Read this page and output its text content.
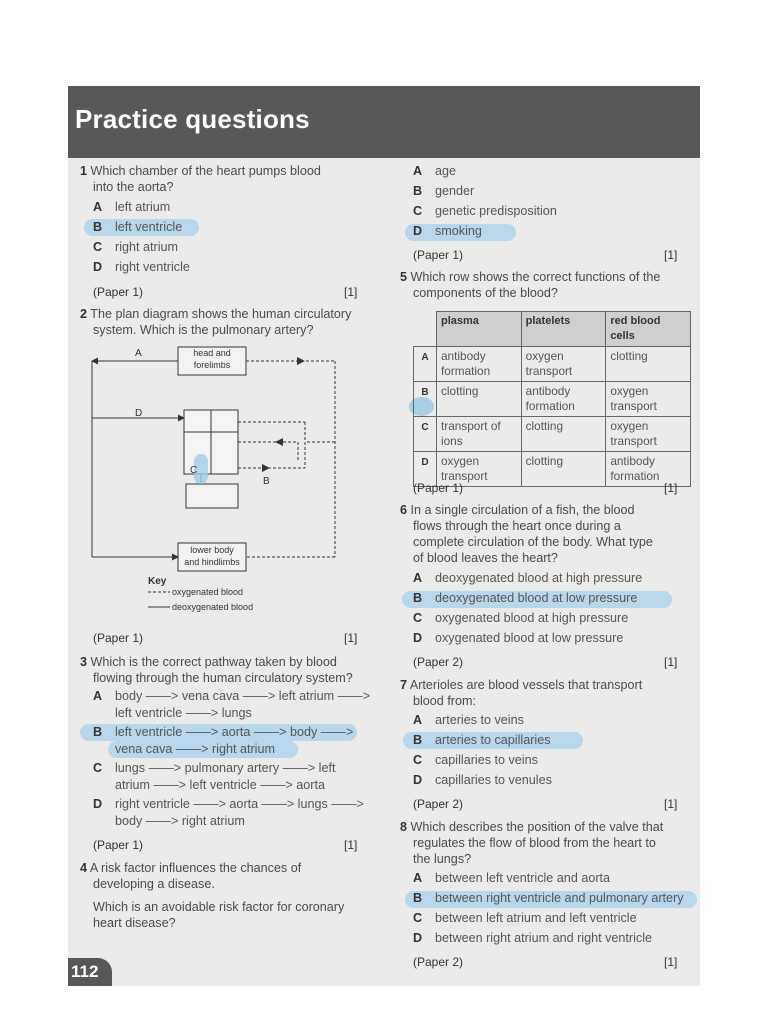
Practice questions
1 Which chamber of the heart pumps blood
into the aorta?
A left atrium
B left ventricle
C right atrium
D right ventricle
(Paper 1)	[1]
2 The plan diagram shows the human circulatory
system. Which is the pulmonary artery?
head and
forelimbs
lower body
and hindlimbs
A
D
C
B
Key
oxygenated blood
deoxygenated blood
(Paper 1)	[1]
3 Which is the correct pathway taken by blood
flowing through the human circulatory system?
A body ——> vena cava ——> left atrium ——>
left ventricle ——> lungs
B left ventricle ——> aorta ——> body ——>
vena cava ——> right atrium
C lungs ——> pulmonary artery ——> left
atrium ——> left ventricle ——> aorta
D right ventricle ——> aorta ——> lungs ——>
body ——> right atrium
(Paper 1)	[1]
4 A risk factor influences the chances of
developing a disease.
Which is an avoidable risk factor for coronary
heart disease?
A age
B gender
C genetic predisposition
D smoking
(Paper 1)	[1]
5 Which row shows the correct functions of the
components of the blood?
	plasma	platelets	red blood cells
A	antibody formation	oxygen transport	clotting
B	clotting	antibody formation	oxygen transport
C	transport of ions	clotting	oxygen transport
D	oxygen transport	clotting	antibody formation
(Paper 1)	[1]
6 In a single circulation of a fish, the blood
flows through the heart once during a
complete circulation of the body. What type
of blood leaves the heart?
A deoxygenated blood at high pressure
B deoxygenated blood at low pressure
C oxygenated blood at high pressure
D oxygenated blood at low pressure
(Paper 2)	[1]
7 Arterioles are blood vessels that transport
blood from:
A arteries to veins
B arteries to capillaries
C capillaries to veins
D capillaries to venules
(Paper 2)	[1]
8 Which describes the position of the valve that
regulates the flow of blood from the heart to
the lungs?
A between left ventricle and aorta
B between right ventricle and pulmonary artery
C between left atrium and left ventricle
D between right atrium and right ventricle
(Paper 2)	[1]
112
